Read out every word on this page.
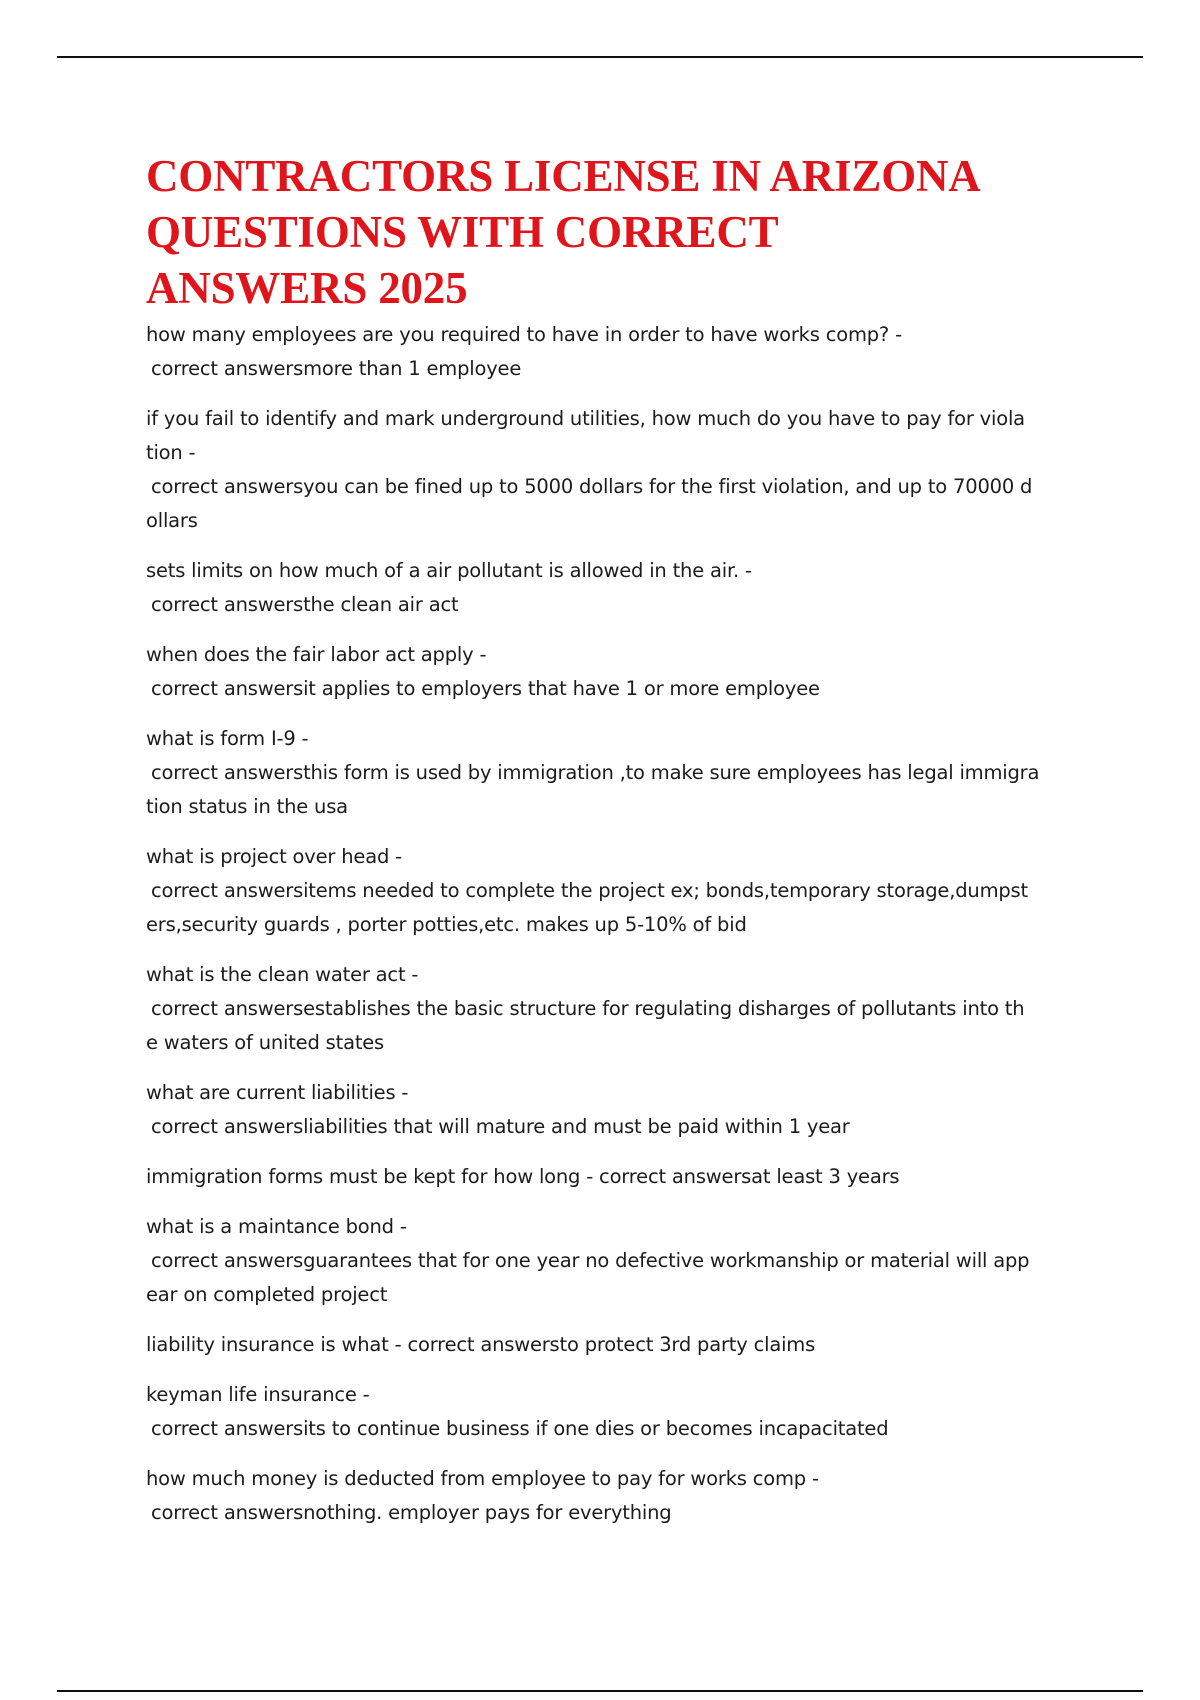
CONTRACTORS LICENSE IN ARIZONA
QUESTIONS WITH CORRECT
ANSWERS 2025
how many employees are you required to have in order to have works comp? -
correct answersmore than 1 employee
if you fail to identify and mark underground utilities, how much do you have to pay for viola
tion -
correct answersyou can be fined up to 5000 dollars for the first violation, and up to 70000 d
ollars
sets limits on how much of a air pollutant is allowed in the air. -
correct answersthe clean air act
when does the fair labor act apply -
correct answersit applies to employers that have 1 or more employee
what is form I-9 -
correct answersthis form is used by immigration ,to make sure employees has legal immigra
tion status in the usa
what is project over head -
correct answersitems needed to complete the project ex; bonds,temporary storage,dumpst
ers,security guards , porter potties,etc. makes up 5-10% of bid
what is the clean water act -
correct answersestablishes the basic structure for regulating disharges of pollutants into th
e waters of united states
what are current liabilities -
correct answersliabilities that will mature and must be paid within 1 year
immigration forms must be kept for how long - correct answersat least 3 years
what is a maintance bond -
correct answersguarantees that for one year no defective workmanship or material will app
ear on completed project
liability insurance is what - correct answersto protect 3rd party claims
keyman life insurance -
correct answersits to continue business if one dies or becomes incapacitated
how much money is deducted from employee to pay for works comp -
correct answersnothing. employer pays for everything
